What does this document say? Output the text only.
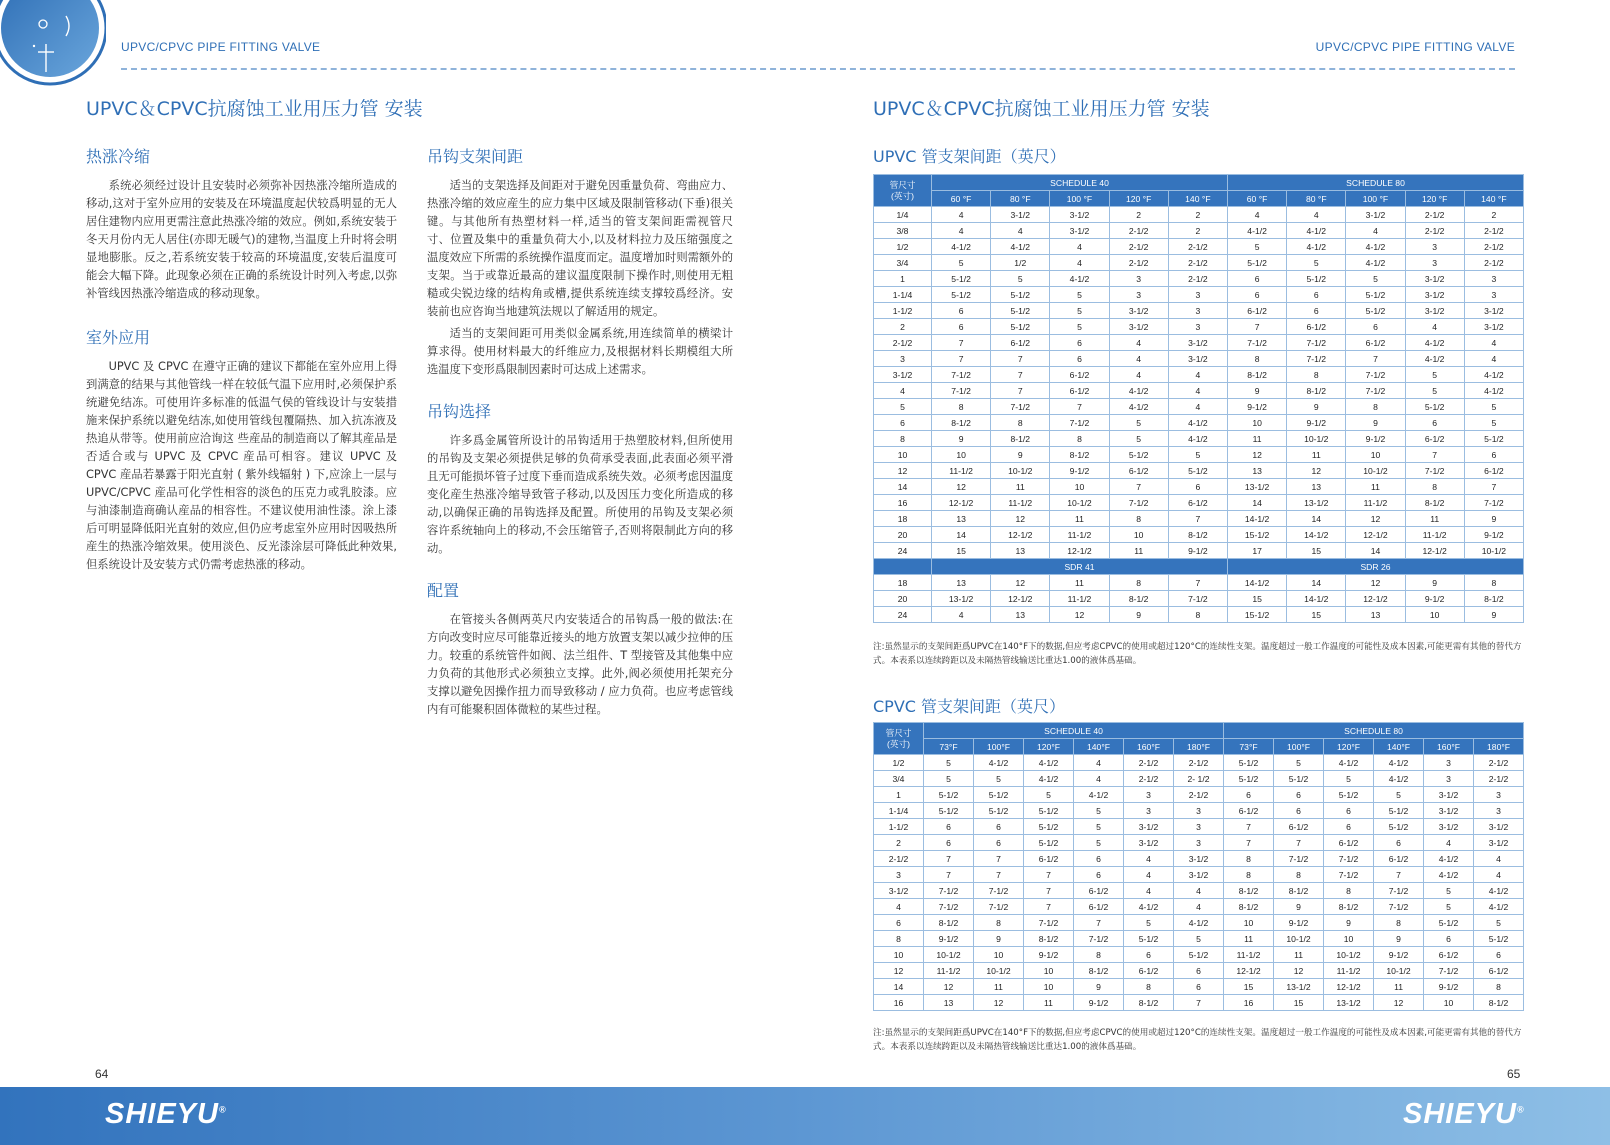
UPVC/CPVC PIPE FITTING VALVE	UPVC/CPVC PIPE FITTING VALVE
UPVC＆CPVC抗腐蚀工业用压力管 安装
热涨冷缩

系统必须经过设计且安装时必须弥补因热涨冷缩所造成的移动,这对于室外应用的安装及在环境温度起伏较爲明显的无人居住建物内应用更需注意此热涨冷缩的效应。例如,系统安装于冬天月份内无人居住(亦即无暖气)的建物,当温度上升时将会明显地膨胀。反之,若系统安装于较高的环境温度,安装后温度可能会大幅下降。此现象必须在正确的系统设计时列入考虑,以弥补管线因热涨冷缩造成的移动现象。

室外应用

UPVC 及 CPVC 在遵守正确的建议下都能在室外应用上得到满意的结果与其他管线一样在较低气温下应用时,必须保护系统避免结冻。可使用许多标准的低温气侯的管线设计与安装措施来保护系统以避免结冻,如使用管线包覆隔热、加入抗冻液及热追从带等。使用前应洽询这 些産品的制造商以了解其産品是否适合或与 UPVC 及 CPVC 産品可相容。建议 UPVC 及 CPVC 産品若暴露于阳光直射 ( 紫外线辐射 ) 下,应涂上一层与 UPVC/CPVC 産品可化学性相容的淡色的压克力或乳胶漆。应与油漆制造商确认産品的相容性。不建议使用油性漆。涂上漆后可明显降低阳光直射的效应,但仍应考虑室外应用时因吸热所産生的热涨冷缩效果。使用淡色、反光漆涂层可降低此种效果,但系统设计及安装方式仍需考虑热涨的移动。

吊钩支架间距

适当的支架选择及间距对于避免因重量负荷、弯曲应力、热涨冷缩的效应産生的应力集中区域及限制管移动(下垂)很关键。与其他所有热塑材料一样,适当的管支架间距需视管尺寸、位置及集中的重量负荷大小,以及材料拉力及压缩强度之温度效应下所需的系统操作温度而定。温度增加时则需额外的支架。当于或靠近最高的建议温度限制下操作时,则使用无粗糙或尖锐边缘的结构角或槽,提供系统连续支撑较爲经济。安装前也应咨询当地建筑法规以了解适用的规定。

适当的支架间距可用类似金属系统,用连续简单的横梁计算求得。使用材料最大的纤维应力,及根据材料长期模组大所 选温度下变形爲限制因素时可达成上述需求。

吊钩选择

许多爲金属管所设计的吊钩适用于热塑胶材料,但所使用的吊钩及支架必须提供足够的负荷承受表面,此表面必须平滑且无可能损坏管子过度下垂而造成系统失效。必须考虑因温度变化産生热涨冷缩导致管子移动,以及因压力变化所造成的移动,以确保正确的吊钩选择及配置。所使用的吊钩及支架必须 容许系统轴向上的移动,不会压缩管子,否则将限制此方向的移动。

配置

在管接头各侧两英尺内安装适合的吊钩爲一般的做法:在方向改变时应尽可能靠近接头的地方放置支架以减少拉伸的压力。较重的系统管件如阀、法兰组件、T 型接管及其他集中应力负荷的其他形式必须独立支撑。此外,阀必须使用托架充分支撑以避免因操作扭力而导致移动 / 应力负荷。也应考虑管线内有可能聚积固体微粒的某些过程。

UPVC＆CPVC抗腐蚀工业用压力管 安装
UPVC 管支架间距（英尺）
管尺寸
(英寸)	SCHEDULE 40					SCHEDULE 80				
	60 °F	80 °F	100 °F	120 °F	140 °F	60 °F	80 °F	100 °F	120 °F	140 °F
1/4	4	3-1/2	3-1/2	2	2	4	4	3-1/2	2-1/2	2
3/8	4	4	3-1/2	2-1/2	2	4-1/2	4-1/2	4	2-1/2	2-1/2
1/2	4-1/2	4-1/2	4	2-1/2	2-1/2	5	4-1/2	4-1/2	3	2-1/2
3/4	5	1/2	4	2-1/2	2-1/2	5-1/2	5	4-1/2	3	2-1/2
1	5-1/2	5	4-1/2	3	2-1/2	6	5-1/2	5	3-1/2	3
1-1/4	5-1/2	5-1/2	5	3	3	6	6	5-1/2	3-1/2	3
1-1/2	6	5-1/2	5	3-1/2	3	6-1/2	6	5-1/2	3-1/2	3-1/2
2	6	5-1/2	5	3-1/2	3	7	6-1/2	6	4	3-1/2
2-1/2	7	6-1/2	6	4	3-1/2	7-1/2	7-1/2	6-1/2	4-1/2	4
3	7	7	6	4	3-1/2	8	7-1/2	7	4-1/2	4
3-1/2	7-1/2	7	6-1/2	4	4	8-1/2	8	7-1/2	5	4-1/2
4	7-1/2	7	6-1/2	4-1/2	4	9	8-1/2	7-1/2	5	4-1/2
5	8	7-1/2	7	4-1/2	4	9-1/2	9	8	5-1/2	5
6	8-1/2	8	7-1/2	5	4-1/2	10	9-1/2	9	6	5
8	9	8-1/2	8	5	4-1/2	11	10-1/2	9-1/2	6-1/2	5-1/2
10	10	9	8-1/2	5-1/2	5	12	11	10	7	6
12	11-1/2	10-1/2	9-1/2	6-1/2	5-1/2	13	12	10-1/2	7-1/2	6-1/2
14	12	11	10	7	6	13-1/2	13	11	8	7
16	12-1/2	11-1/2	10-1/2	7-1/2	6-1/2	14	13-1/2	11-1/2	8-1/2	7-1/2
18	13	12	11	8	7	14-1/2	14	12	11	9
20	14	12-1/2	11-1/2	10	8-1/2	15-1/2	14-1/2	12-1/2	11-1/2	9-1/2
24	15	13	12-1/2	11	9-1/2	17	15	14	12-1/2	10-1/2
	SDR 41					SDR 26				
18	13	12	11	8	7	14-1/2	14	12	9	8
20	13-1/2	12-1/2	11-1/2	8-1/2	7-1/2	15	14-1/2	12-1/2	9-1/2	8-1/2
24	4	13	12	9	8	15-1/2	15	13	10	9
注:虽然显示的支架间距爲UPVC在140°F下的数据,但应考虑CPVC的使用或超过120°C的连续性支架。温度超过一般工作温度的可能性及成本因素,可能更需有其他的替代方式。本表系以连续跨距以及未隔热管线输送比重达1.00的液体爲基础。
CPVC 管支架间距（英尺）
管尺寸
(英寸)	SCHEDULE 40						SCHEDULE 80					
	73°F	100°F	120°F	140°F	160°F	180°F	73°F	100°F	120°F	140°F	160°F	180°F
1/2	5	4-1/2	4-1/2	4	2-1/2	2-1/2	5-1/2	5	4-1/2	4-1/2	3	2-1/2
3/4	5	5	4-1/2	4	2-1/2	2- 1/2	5-1/2	5-1/2	5	4-1/2	3	2-1/2
1	5-1/2	5-1/2	5	4-1/2	3	2-1/2	6	6	5-1/2	5	3-1/2	3
1-1/4	5-1/2	5-1/2	5-1/2	5	3	3	6-1/2	6	6	5-1/2	3-1/2	3
1-1/2	6	6	5-1/2	5	3-1/2	3	7	6-1/2	6	5-1/2	3-1/2	3-1/2
2	6	6	5-1/2	5	3-1/2	3	7	7	6-1/2	6	4	3-1/2
2-1/2	7	7	6-1/2	6	4	3-1/2	8	7-1/2	7-1/2	6-1/2	4-1/2	4
3	7	7	7	6	4	3-1/2	8	8	7-1/2	7	4-1/2	4
3-1/2	7-1/2	7-1/2	7	6-1/2	4	4	8-1/2	8-1/2	8	7-1/2	5	4-1/2
4	7-1/2	7-1/2	7	6-1/2	4-1/2	4	8-1/2	9	8-1/2	7-1/2	5	4-1/2
6	8-1/2	8	7-1/2	7	5	4-1/2	10	9-1/2	9	8	5-1/2	5
8	9-1/2	9	8-1/2	7-1/2	5-1/2	5	11	10-1/2	10	9	6	5-1/2
10	10-1/2	10	9-1/2	8	6	5-1/2	11-1/2	11	10-1/2	9-1/2	6-1/2	6
12	11-1/2	10-1/2	10	8-1/2	6-1/2	6	12-1/2	12	11-1/2	10-1/2	7-1/2	6-1/2
14	12	11	10	9	8	6	15	13-1/2	12-1/2	11	9-1/2	8
16	13	12	11	9-1/2	8-1/2	7	16	15	13-1/2	12	10	8-1/2
注:虽然显示的支架间距爲UPVC在140°F下的数据,但应考虑CPVC的使用或超过120°C的连续性支架。温度超过一般工作温度的可能性及成本因素,可能更需有其他的替代方式。本表系以连续跨距以及未隔热管线输送比重达1.00的液体爲基础。
64	65
SHIEYU®	SHIEYU®
